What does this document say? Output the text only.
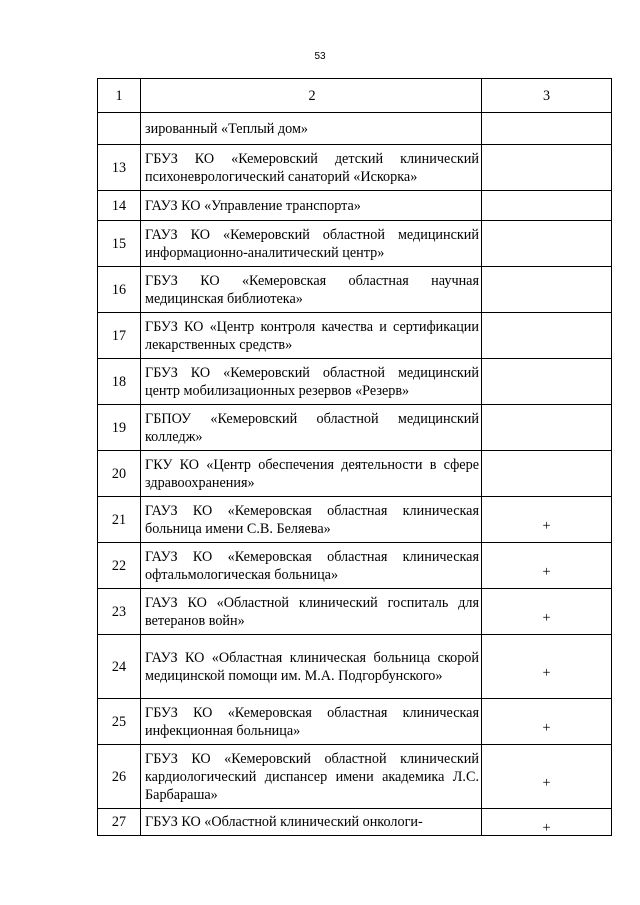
53
1	2	3
	зированный «Теплый дом»	
13	ГБУЗ КО «Кемеровский детский клинический психоневрологический санаторий «Искорка»	
14	ГАУЗ КО «Управление транспорта»	
15	ГАУЗ КО «Кемеровский областной медицинский информационно-аналитический центр»	
16	ГБУЗ КО «Кемеровская областная научная медицинская библиотека»	
17	ГБУЗ КО «Центр контроля качества и сертификации лекарственных средств»	
18	ГБУЗ КО «Кемеровский областной медицинский центр мобилизационных резервов «Резерв»	
19	ГБПОУ «Кемеровский областной медицинский колледж»	
20	ГКУ КО «Центр обеспечения деятельности в сфере здравоохранения»	
21	ГАУЗ КО «Кемеровская областная клиническая больница имени С.В. Беляева»	+
22	ГАУЗ КО «Кемеровская областная клиническая офтальмологическая больница»	+
23	ГАУЗ КО «Областной клинический госпиталь для ветеранов войн»	+
24	ГАУЗ КО «Областная клиническая больница скорой медицинской помощи им. М.А. Подгорбунского»	+
25	ГБУЗ КО «Кемеровская областная клиническая инфекционная больница»	+
26	ГБУЗ КО «Кемеровский областной клинический кардиологический диспансер имени академика Л.С. Барбараша»	+
27	ГБУЗ КО «Областной клинический онкологи-	+
